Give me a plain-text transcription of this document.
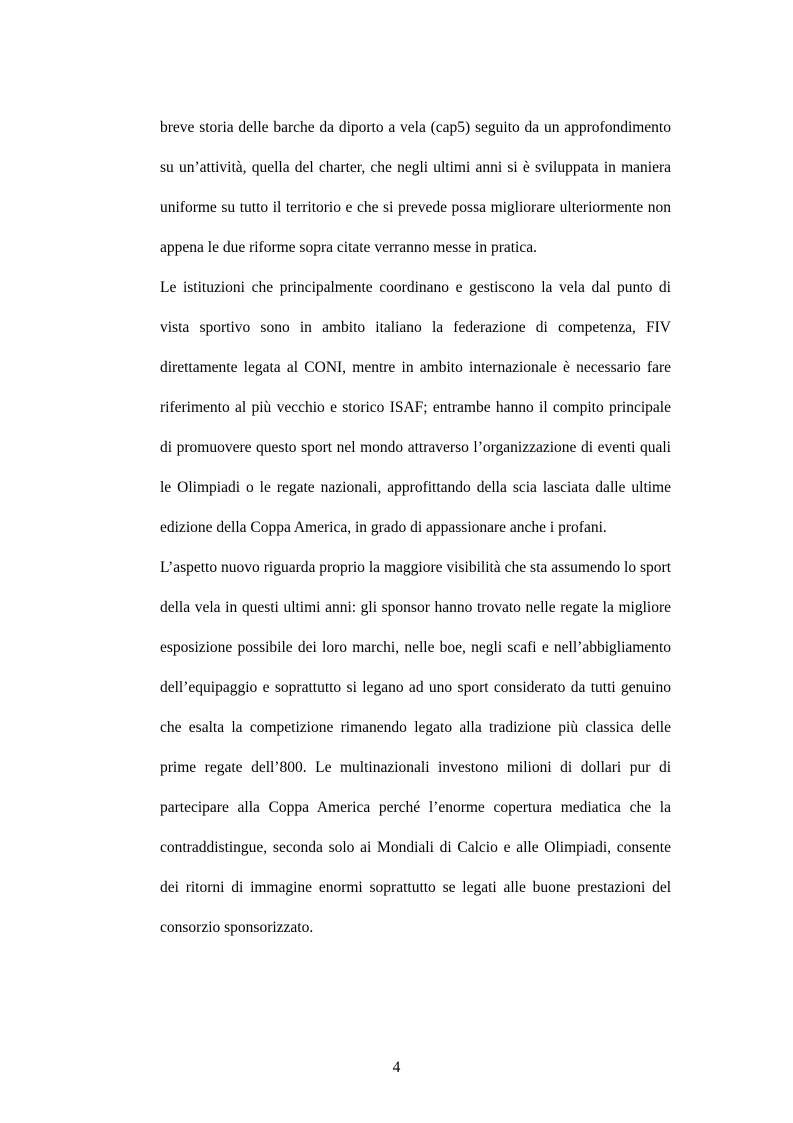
breve storia delle barche da diporto a vela (cap5) seguito da un approfondimento su un’attività, quella del charter, che negli ultimi anni si è sviluppata in maniera uniforme su tutto il territorio e che si prevede possa migliorare ulteriormente non appena le due riforme sopra citate verranno messe in pratica.

Le istituzioni che principalmente coordinano e gestiscono la vela dal punto di vista sportivo sono in ambito italiano la federazione di competenza, FIV direttamente legata al CONI, mentre in ambito internazionale è necessario fare riferimento al più vecchio e storico ISAF; entrambe hanno il compito principale di promuovere questo sport nel mondo attraverso l’organizzazione di eventi quali le Olimpiadi o le regate nazionali, approfittando della scia lasciata dalle ultime edizione della Coppa America, in grado di appassionare anche i profani.

L’aspetto nuovo riguarda proprio la maggiore visibilità che sta assumendo lo sport della vela in questi ultimi anni: gli sponsor hanno trovato nelle regate la migliore esposizione possibile dei loro marchi, nelle boe, negli scafi e nell’abbigliamento dell’equipaggio e soprattutto si legano ad uno sport considerato da tutti genuino che esalta la competizione rimanendo legato alla tradizione più classica delle prime regate dell’800. Le multinazionali investono milioni di dollari pur di partecipare alla Coppa America perché l’enorme copertura mediatica che la contraddistingue, seconda solo ai Mondiali di Calcio e alle Olimpiadi, consente dei ritorni di immagine enormi soprattutto se legati alle buone prestazioni del consorzio sponsorizzato.

4
